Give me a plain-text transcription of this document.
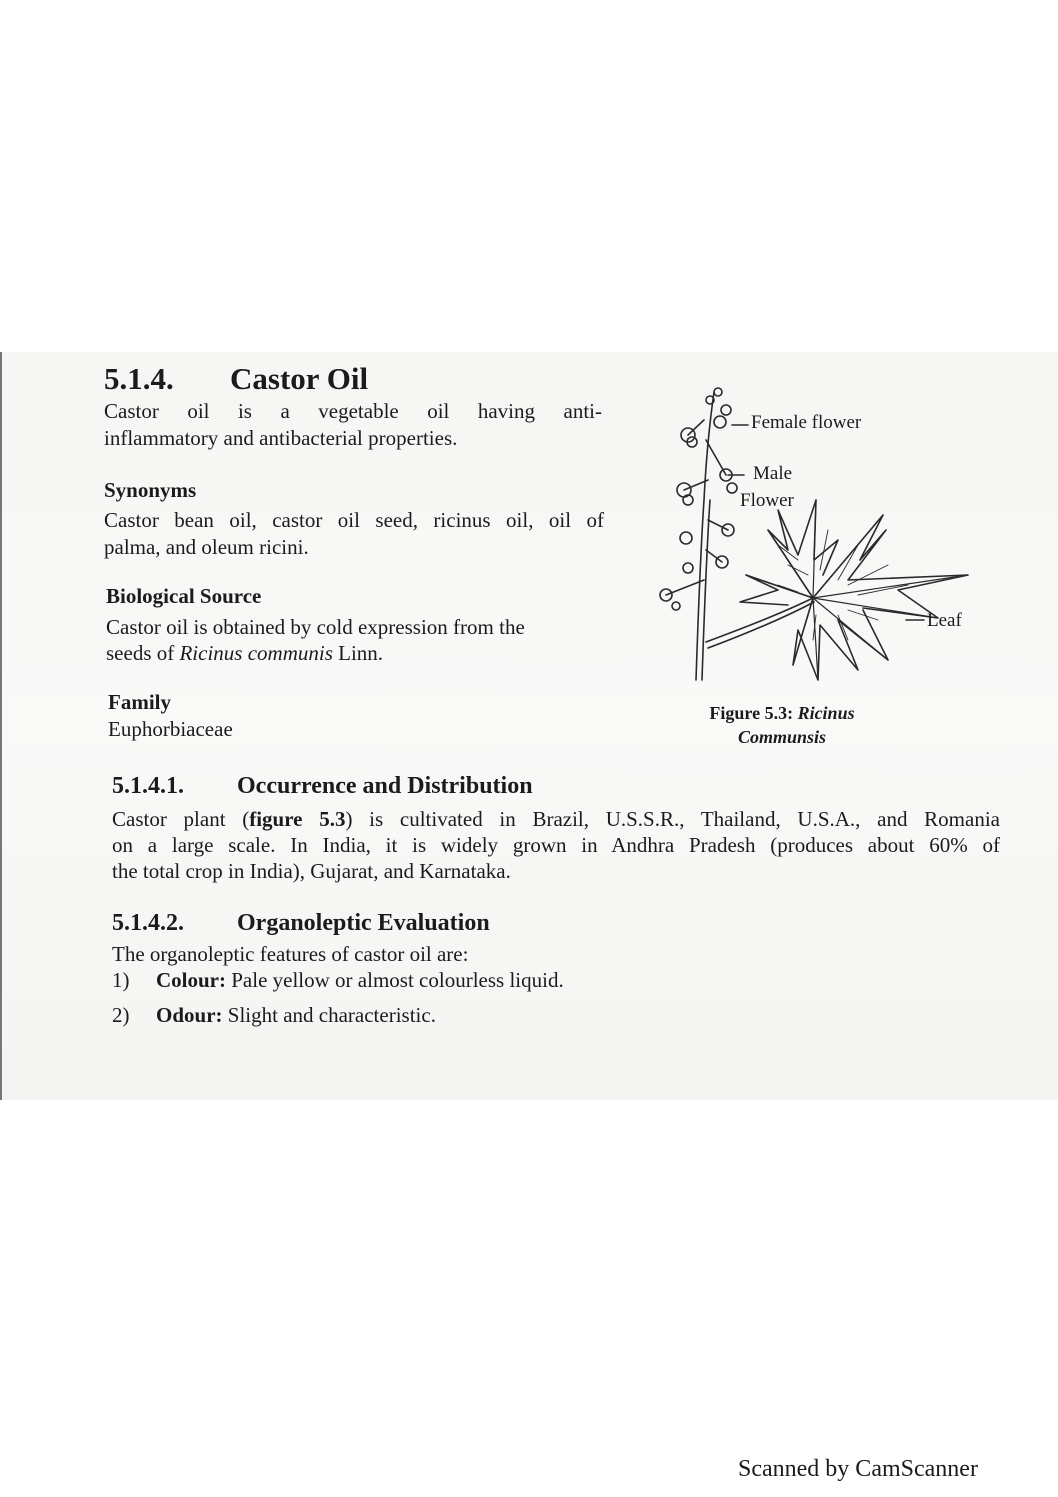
5.1.4. Castor Oil
Castor oil is a vegetable oil having anti-
inflammatory and antibacterial properties.
Synonyms
Castor bean oil, castor oil seed, ricinus oil, oil of
palma, and oleum ricini.
Biological Source
Castor oil is obtained by cold expression from the
seeds of Ricinus communis Linn.
Family
Euphorbiaceae
Female flower
Male
Flower
Leaf
Figure 5.3: Ricinus
Communsis
5.1.4.1. Occurrence and Distribution
Castor plant (figure 5.3) is cultivated in Brazil, U.S.S.R., Thailand, U.S.A., and Romania
on a large scale. In India, it is widely grown in Andhra Pradesh (produces about 60% of
the total crop in India), Gujarat, and Karnataka.
5.1.4.2. Organoleptic Evaluation
The organoleptic features of castor oil are:
1) Colour: Pale yellow or almost colourless liquid.
2) Odour: Slight and characteristic.
Scanned by CamScanner
